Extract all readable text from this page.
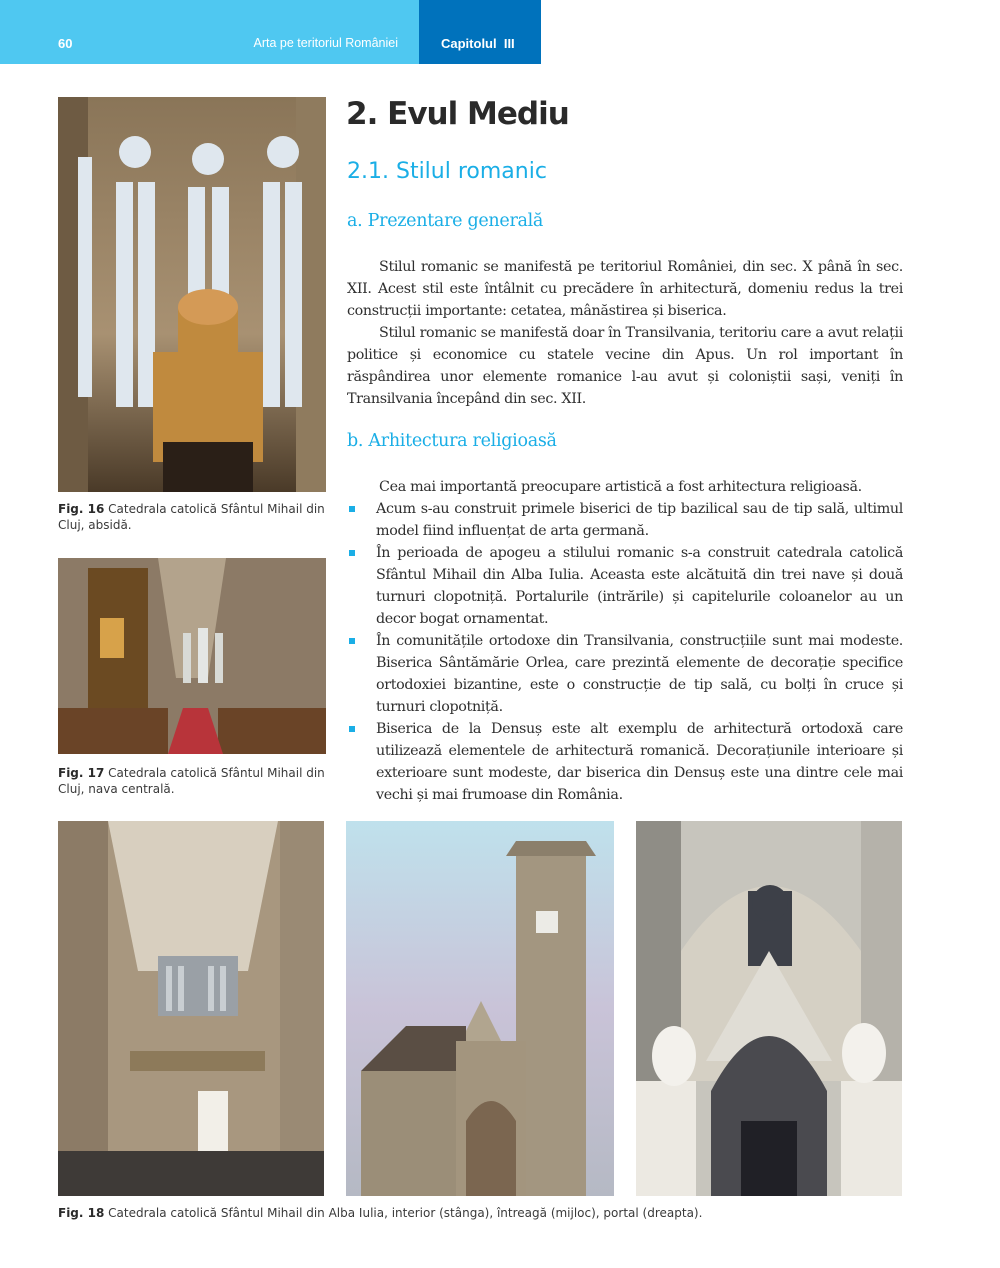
60	Arta pe teritoriul României	Capitolul  III
Fig. 16 Catedrala catolică Sfântul Mihail din Cluj, absidă.
Fig. 17 Catedrala catolică Sfântul Mihail din Cluj, nava centrală.
2. Evul Mediu
2.1. Stilul romanic
a. Prezentare generală

Stilul romanic se manifestă pe teritoriul României, din sec. X până în sec. XII. Acest stil este întâlnit cu precădere în arhitectură, domeniu redus la trei construcții importante: cetatea, mânăstirea și biserica.

Stilul romanic se manifestă doar în Transilvania, teritoriu care a avut relații politice și economice cu statele vecine din Apus. Un rol important în răspândirea unor elemente romanice l-au avut și coloniștii sași, veniți în Transilvania începând din sec. XII.

b. Arhitectura religioasă

Cea mai importantă preocupare artistică a fost arhitectura religioasă.

Acum s-au construit primele biserici de tip bazilical sau de tip sală, ultimul model fiind influențat de arta germană.
În perioada de apogeu a stilului romanic s-a construit catedrala catolică Sfântul Mihail din Alba Iulia. Aceasta este alcătuită din trei nave și două turnuri clopotniță. Portalurile (intrările) și capitelurile coloanelor au un decor bogat ornamentat.
În comunitățile ortodoxe din Transilvania, construcțiile sunt mai modeste. Biserica Sântămărie Orlea, care prezintă elemente de decorație specifice ortodoxiei bizantine, este o construcție de tip sală, cu bolți în cruce și turnuri clopotniță.
Biserica de la Densuș este alt exemplu de arhitectură ortodoxă care utilizează elementele de arhitectură romanică. Decorațiunile interioare și exterioare sunt modeste, dar biserica din Densuș este una dintre cele mai vechi și mai frumoase din România.
Fig. 18 Catedrala catolică Sfântul Mihail din Alba Iulia, interior (stânga), întreagă (mijloc), portal (dreapta).
